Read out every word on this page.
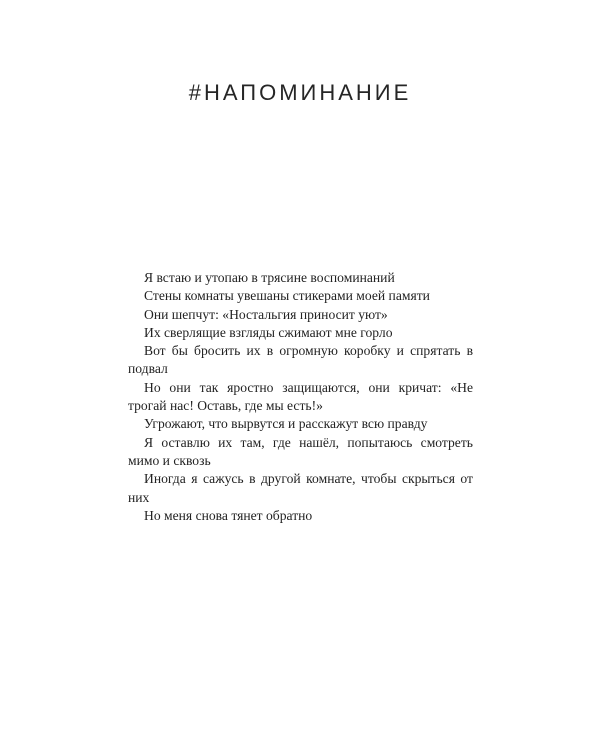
#НАПОМИНАНИЕ

Я встаю и утопаю в трясине воспоминаний

Стены комнаты увешаны стикерами моей памяти

Они шепчут: «Ностальгия приносит уют»

Их сверлящие взгляды сжимают мне горло

Вот бы бросить их в огромную коробку и спрятать в подвал

Но они так яростно защищаются, они кричат: «Не трогай нас! Оставь, где мы есть!»

Угрожают, что вырвутся и расскажут всю правду

Я оставлю их там, где нашёл, попытаюсь смотреть мимо и сквозь

Иногда я сажусь в другой комнате, чтобы скрыться от них

Но меня снова тянет обратно
